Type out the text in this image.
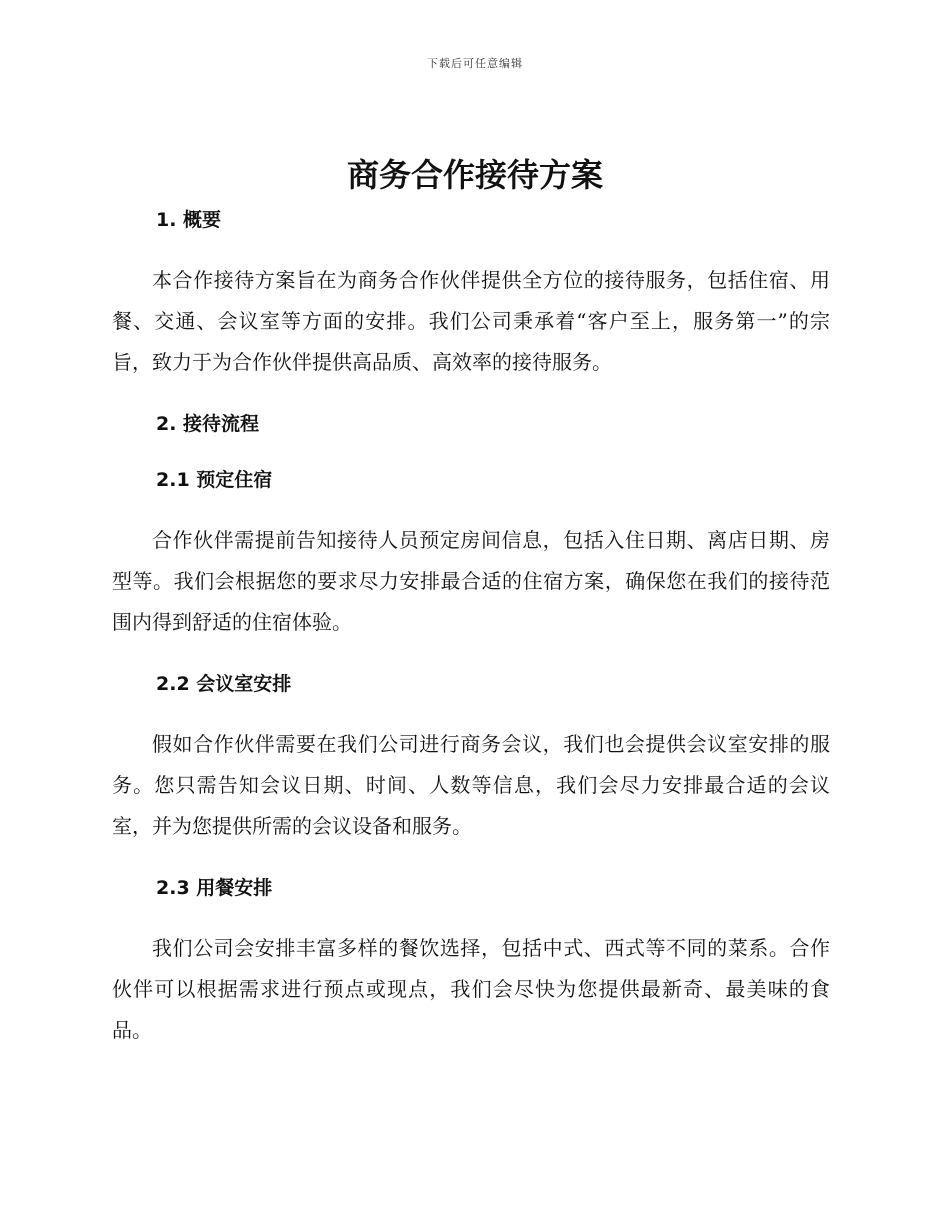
下载后可任意编辑
商务合作接待方案
1. 概要

本合作接待方案旨在为商务合作伙伴提供全方位的接待服务，包括住宿、用餐、交通、会议室等方面的安排。我们公司秉承着“客户至上，服务第一”的宗旨，致力于为合作伙伴提供高品质、高效率的接待服务。

2. 接待流程
2.1 预定住宿

合作伙伴需提前告知接待人员预定房间信息，包括入住日期、离店日期、房型等。我们会根据您的要求尽力安排最合适的住宿方案，确保您在我们的接待范围内得到舒适的住宿体验。

2.2 会议室安排

假如合作伙伴需要在我们公司进行商务会议，我们也会提供会议室安排的服务。您只需告知会议日期、时间、人数等信息，我们会尽力安排最合适的会议室，并为您提供所需的会议设备和服务。

2.3 用餐安排

我们公司会安排丰富多样的餐饮选择，包括中式、西式等不同的菜系。合作伙伴可以根据需求进行预点或现点，我们会尽快为您提供最新奇、最美味的食品。
